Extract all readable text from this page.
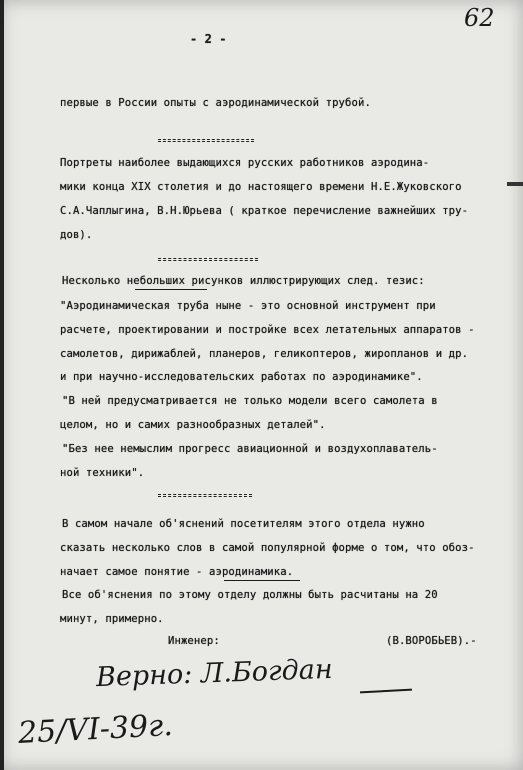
- 2 -
62
первые в России опыты с аэродинамической трубой.
Портреты наиболее выдающихся русских работников аэродина-
мики конца XIX столетия и до настоящего времени Н.Е.Жуковского
С.А.Чаплыгина, В.Н.Юрьева ( краткое перечисление важнейших тру-
дов).
Несколько небольших рисунков иллюстрирующих след. тезис:
"Аэродинамическая труба ныне - это основной инструмент при
расчете, проектировании и постройке всех летательных аппаратов -
самолетов, дирижаблей, планеров, геликоптеров, жиропланов и др.
и при научно-исследовательских работах по аэродинамике".
"В ней предусматривается не только модели всего самолета в
целом, но и самих разнообразных деталей".
"Без нее немыслим прогресс авиационной и воздухоплаватель-
ной техники".
В самом начале об'яснений посетителям этого отдела нужно
сказать несколько слов в самой популярной форме о том, что обоз-
начает самое понятие - аэродинамика.
Все об'яснения по этому отделу должны быть расчитаны на 20
минут, примерно.
Инженер:	(В.ВОРОБЬЕВ).-
Верно: Л.Богдан
25/VI-39г.
